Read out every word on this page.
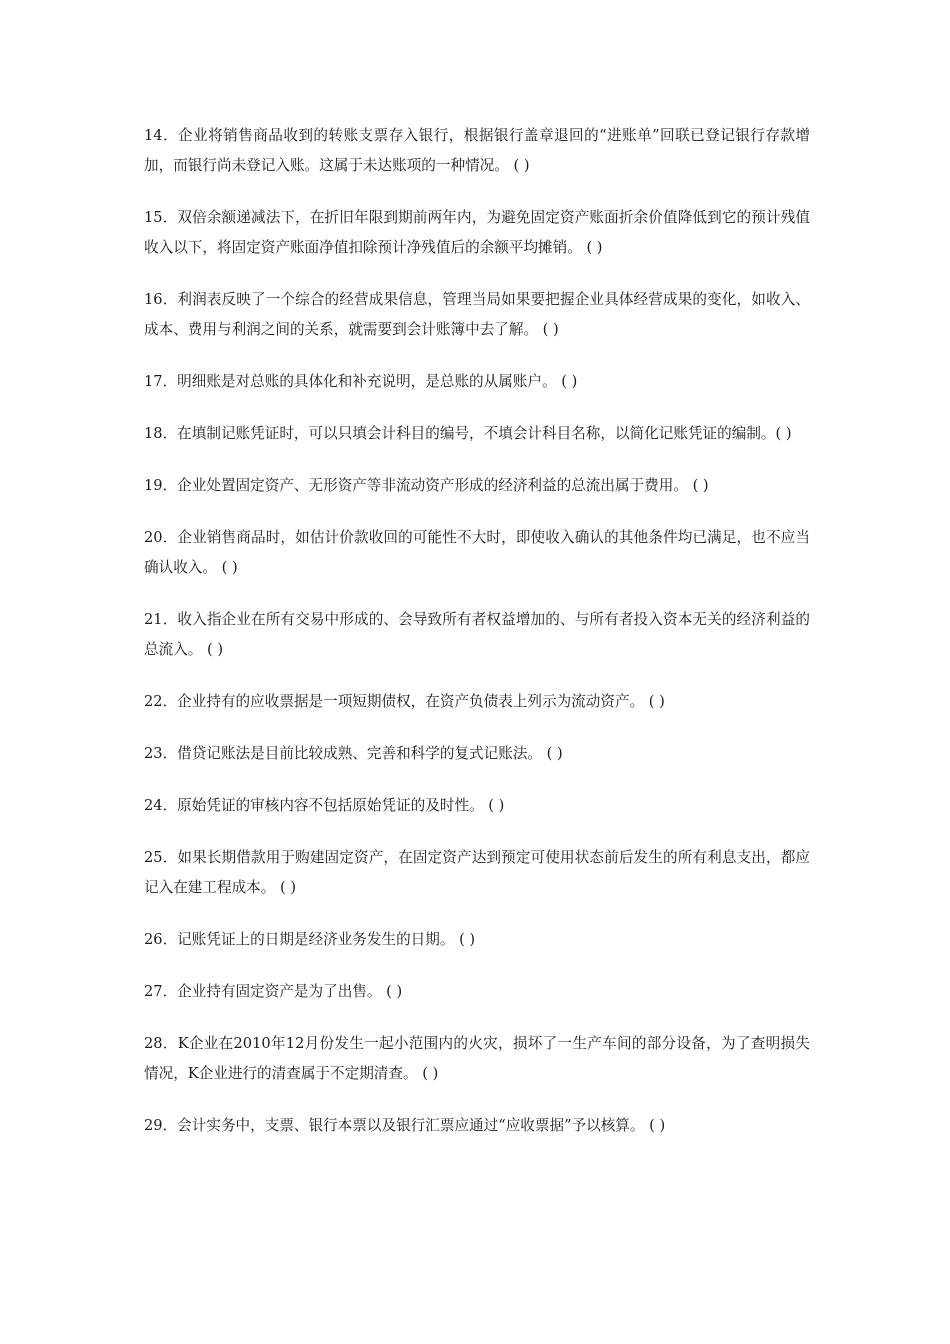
14．企业将销售商品收到的转账支票存入银行，根据银行盖章退回的“进账单”回联已登记银行存款增加，而银行尚未登记入账。这属于未达账项的一种情况。 ( )
15．双倍余额递减法下，在折旧年限到期前两年内，为避免固定资产账面折余价值降低到它的预计残值收入以下，将固定资产账面净值扣除预计净残值后的余额平均摊销。 ( )
16．利润表反映了一个综合的经营成果信息，管理当局如果要把握企业具体经营成果的变化，如收入、成本、费用与利润之间的关系，就需要到会计账簿中去了解。 ( )
17．明细账是对总账的具体化和补充说明，是总账的从属账户。 ( )
18．在填制记账凭证时，可以只填会计科目的编号，不填会计科目名称，以简化记账凭证的编制。( )
19．企业处置固定资产、无形资产等非流动资产形成的经济利益的总流出属于费用。 ( )
20．企业销售商品时，如估计价款收回的可能性不大时，即使收入确认的其他条件均已满足，也不应当确认收入。 ( )
21．收入指企业在所有交易中形成的、会导致所有者权益增加的、与所有者投入资本无关的经济利益的总流入。 ( )
22．企业持有的应收票据是一项短期债权，在资产负债表上列示为流动资产。 ( )
23．借贷记账法是目前比较成熟、完善和科学的复式记账法。 ( )
24．原始凭证的审核内容不包括原始凭证的及时性。 ( )
25．如果长期借款用于购建固定资产，在固定资产达到预定可使用状态前后发生的所有利息支出，都应记入在建工程成本。 ( )
26．记账凭证上的日期是经济业务发生的日期。 ( )
27．企业持有固定资产是为了出售。 ( )
28．K企业在2010年12月份发生一起小范围内的火灾，损坏了一生产车间的部分设备，为了查明损失情况，K企业进行的清查属于不定期清查。 ( )
29．会计实务中，支票、银行本票以及银行汇票应通过“应收票据”予以核算。 ( )
